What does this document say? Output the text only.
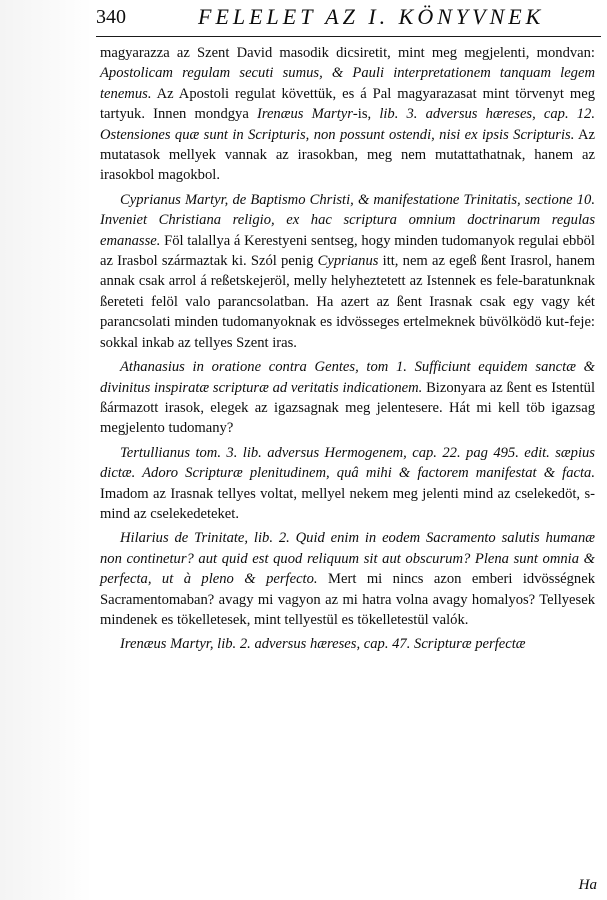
340	FELELET AZ I. KÖNYVNEK
magyarazza az Szent David masodik dicsiretit, mint meg megjelenti, mondvan: Apostolicam regulam secuti sumus, & Pauli interpretationem tanquam legem tenemus. Az Apostoli regulat követtük, es á Pal magyarazasat mint törvenyt meg tartyuk. Innen mondgya Irenæus Martyr-is, lib. 3. adversus hæreses, cap. 12. Ostensiones quæ sunt in Scripturis, non possunt ostendi, nisi ex ipsis Scripturis. Az mutatasok mellyek vannak az irasokban, meg nem mutattathatnak, hanem az irasokbol magokbol.
Cyprianus Martyr, de Baptismo Christi, & manifestatione Trinitatis, sectione 10. Inveniet Christiana religio, ex hac scriptura omnium doctrinarum regulas emanasse. Föl talallya á Kerestyeni sentseg, hogy minden tudomanyok regulai ebböl az Irasbol származtak ki. Szól penig Cyprianus itt, nem az egeß ßent Irasrol, hanem annak csak arrol á reßetskejeröl, melly helyheztetett az Istennek es fele-baratunknak ßereteti felöl valo parancsolatban. Ha azert az ßent Irasnak csak egy vagy két parancsolati minden tudomanyoknak es idvösseges ertelmeknek büvölködö kut-feje: sokkal inkab az tellyes Szent iras.
Athanasius in oratione contra Gentes, tom 1. Sufficiunt equidem sanctæ & divinitus inspiratæ scripturæ ad veritatis indicationem. Bizonyara az ßent es Istentül ßármazott irasok, elegek az igazsagnak meg jelentesere. Hát mi kell töb igazsag megjelento tudomany?
Tertullianus tom. 3. lib. adversus Hermogenem, cap. 22. pag 495. edit. sæpius dictæ. Adoro Scripturæ plenitudinem, quâ mihi & factorem manifestat & facta. Imadom az Irasnak tellyes voltat, mellyel nekem meg jelenti mind az cselekedöt, s-mind az cselekedeteket.
Hilarius de Trinitate, lib. 2. Quid enim in eodem Sacramento salutis humanæ non continetur? aut quid est quod reliquum sit aut obscurum? Plena sunt omnia & perfecta, ut à pleno & perfecto. Mert mi nincs azon emberi idvösségnek Sacramentomaban? avagy mi vagyon az mi hatra volna avagy homalyos? Tellyesek mindenek es tökelletesek, mint tellyestül es tökelletestül valók.
Irenæus Martyr, lib. 2. adversus hæreses, cap. 47. Scripturæ perfectæ
Ha
